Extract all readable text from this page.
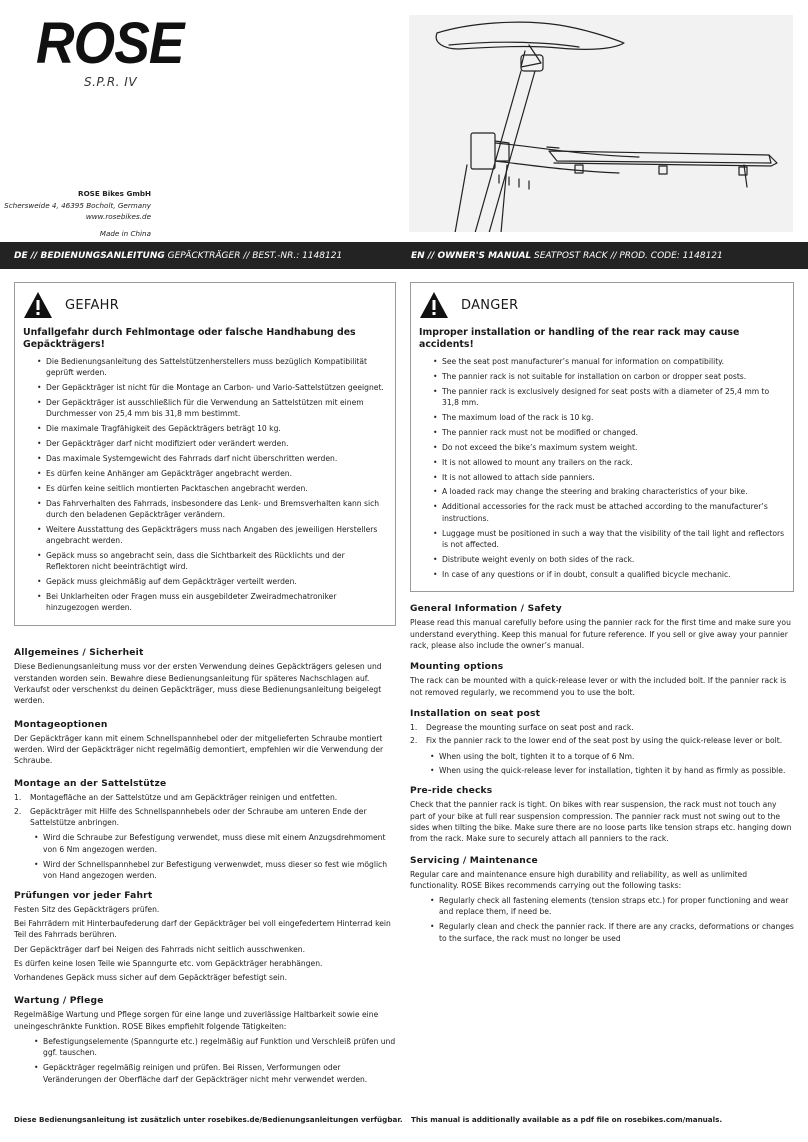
ROSE
S.P.R. IV
ROSE Bikes GmbH
Schersweide 4, 46395 Bocholt, Germany
www.rosebikes.de
Made in China
DE // BEDIENUNGSANLEITUNG GEPÄCKTRÄGER // BEST.-NR.: 1148121	EN // OWNER'S MANUAL SEATPOST RACK // PROD. CODE: 1148121
GEFAHR
Unfallgefahr durch Fehlmontage oder falsche Handhabung des Gepäckträgers!
• Die Bedienungsanleitung des Sattelstützenherstellers muss bezüglich Kompatibilität geprüft werden.
• Der Gepäckträger ist nicht für die Montage an Carbon- und Vario-Sattelstützen geeignet.
• Der Gepäckträger ist ausschließlich für die Verwendung an Sattelstützen mit einem Durchmesser von 25,4 mm bis 31,8 mm bestimmt.
• Die maximale Tragfähigkeit des Gepäckträgers beträgt 10 kg.
• Der Gepäckträger darf nicht modifiziert oder verändert werden.
• Das maximale Systemgewicht des Fahrrads darf nicht überschritten werden.
• Es dürfen keine Anhänger am Gepäckträger angebracht werden.
• Es dürfen keine seitlich montierten Packtaschen angebracht werden.
• Das Fahrverhalten des Fahrrads, insbesondere das Lenk- und Bremsverhalten kann sich durch den beladenen Gepäckträger verändern.
• Weitere Ausstattung des Gepäckträgers muss nach Angaben des jeweiligen Herstellers angebracht werden.
• Gepäck muss so angebracht sein, dass die Sichtbarkeit des Rücklichts und der Reflektoren nicht beeinträchtigt wird.
• Gepäck muss gleichmäßig auf dem Gepäckträger verteilt werden.
• Bei Unklarheiten oder Fragen muss ein ausgebildeter Zweiradmechatroniker hinzugezogen werden.
Allgemeines / Sicherheit

Diese Bedienungsanleitung muss vor der ersten Verwendung deines Gepäckträgers gelesen und verstanden worden sein. Bewahre diese Bedienungsanleitung für späteres Nachschlagen auf. Verkaufst oder verschenkst du deinen Gepäckträger, muss diese Bedienungsanleitung beigelegt werden.

Montageoptionen

Der Gepäckträger kann mit einem Schnellspannhebel oder der mitgelieferten Schraube montiert werden. Wird der Gepäckträger nicht regelmäßig demontiert, empfehlen wir die Verwendung der Schraube.

Montage an der Sattelstütze
1. Montagefläche an der Sattelstütze und am Gepäckträger reinigen und entfetten.
2. Gepäckträger mit Hilfe des Schnellspannhebels oder der Schraube am unteren Ende der Sattelstütze anbringen.
• Wird die Schraube zur Befestigung verwendet, muss diese mit einem Anzugsdrehmoment von 6 Nm angezogen werden.
• Wird der Schnellspannhebel zur Befestigung verwenwdet, muss dieser so fest wie möglich von Hand angezogen werden.
Prüfungen vor jeder Fahrt

Festen Sitz des Gepäckträgers prüfen.

Bei Fahrrädern mit Hinterbaufederung darf der Gepäckträger bei voll eingefedertem Hinterrad kein Teil des Fahrrads berühren.

Der Gepäckträger darf bei Neigen des Fahrrads nicht seitlich ausschwenken.

Es dürfen keine losen Teile wie Spanngurte etc. vom Gepäckträger herabhängen.

Vorhandenes Gepäck muss sicher auf dem Gepäckträger befestigt sein.

Wartung / Pflege

Regelmäßige Wartung und Pflege sorgen für eine lange und zuverlässige Haltbarkeit sowie eine uneingeschränkte Funktion. ROSE Bikes empfiehlt folgende Tätigkeiten:

• Befestigungselemente (Spanngurte etc.) regelmäßig auf Funktion und Verschleiß prüfen und ggf. tauschen.
• Gepäckträger regelmäßig reinigen und prüfen. Bei Rissen, Verformungen oder Veränderungen der Oberfläche darf der Gepäckträger nicht mehr verwendet werden.
DANGER
Improper installation or handling of the rear rack may cause accidents!
• See the seat post manufacturer’s manual for information on compatibility.
• The pannier rack is not suitable for installation on carbon or dropper seat posts.
• The pannier rack is exclusively designed for seat posts with a diameter of 25,4 mm to 31,8 mm.
• The maximum load of the rack is 10 kg.
• The pannier rack must not be modified or changed.
• Do not exceed the bike’s maximum system weight.
• It is not allowed to mount any trailers on the rack.
• It is not allowed to attach side panniers.
• A loaded rack may change the steering and braking characteristics of your bike.
• Additional accessories for the rack must be attached according to the manufacturer’s instructions.
• Luggage must be positioned in such a way that the visibility of the tail light and reflectors is not affected.
• Distribute weight evenly on both sides of the rack.
• In case of any questions or if in doubt, consult a qualified bicycle mechanic.
General Information / Safety

Please read this manual carefully before using the pannier rack for the first time and make sure you understand everything. Keep this manual for future reference. If you sell or give away your pannier rack, please also include the owner’s manual.

Mounting options

The rack can be mounted with a quick-release lever or with the included bolt. If the pannier rack is not removed regularly, we recommend you to use the bolt.

Installation on seat post
1. Degrease the mounting surface on seat post and rack.
2. Fix the pannier rack to the lower end of the seat post by using the quick-release lever or bolt.
• When using the bolt, tighten it to a torque of 6 Nm.
• When using the quick-release lever for installation, tighten it by hand as firmly as possible.
Pre-ride checks

Check that the pannier rack is tight. On bikes with rear suspension, the rack must not touch any part of your bike at full rear suspension compression. The pannier rack must not swing out to the sides when tilting the bike. Make sure there are no loose parts like tension straps etc. hanging down from the rack. Make sure to securely attach all panniers to the rack.

Servicing / Maintenance

Regular care and maintenance ensure high durability and reliability, as well as unlimited functionality. ROSE Bikes recommends carrying out the following tasks:

• Regularly check all fastening elements (tension straps etc.) for proper functioning and wear and replace them, if need be.
• Regularly clean and check the pannier rack. If there are any cracks, deformations or changes to the surface, the rack must no longer be used
Diese Bedienungsanleitung ist zusätzlich unter rosebikes.de/Bedienungsanleitungen verfügbar. This manual is additionally available as a pdf file on rosebikes.com/manuals.
